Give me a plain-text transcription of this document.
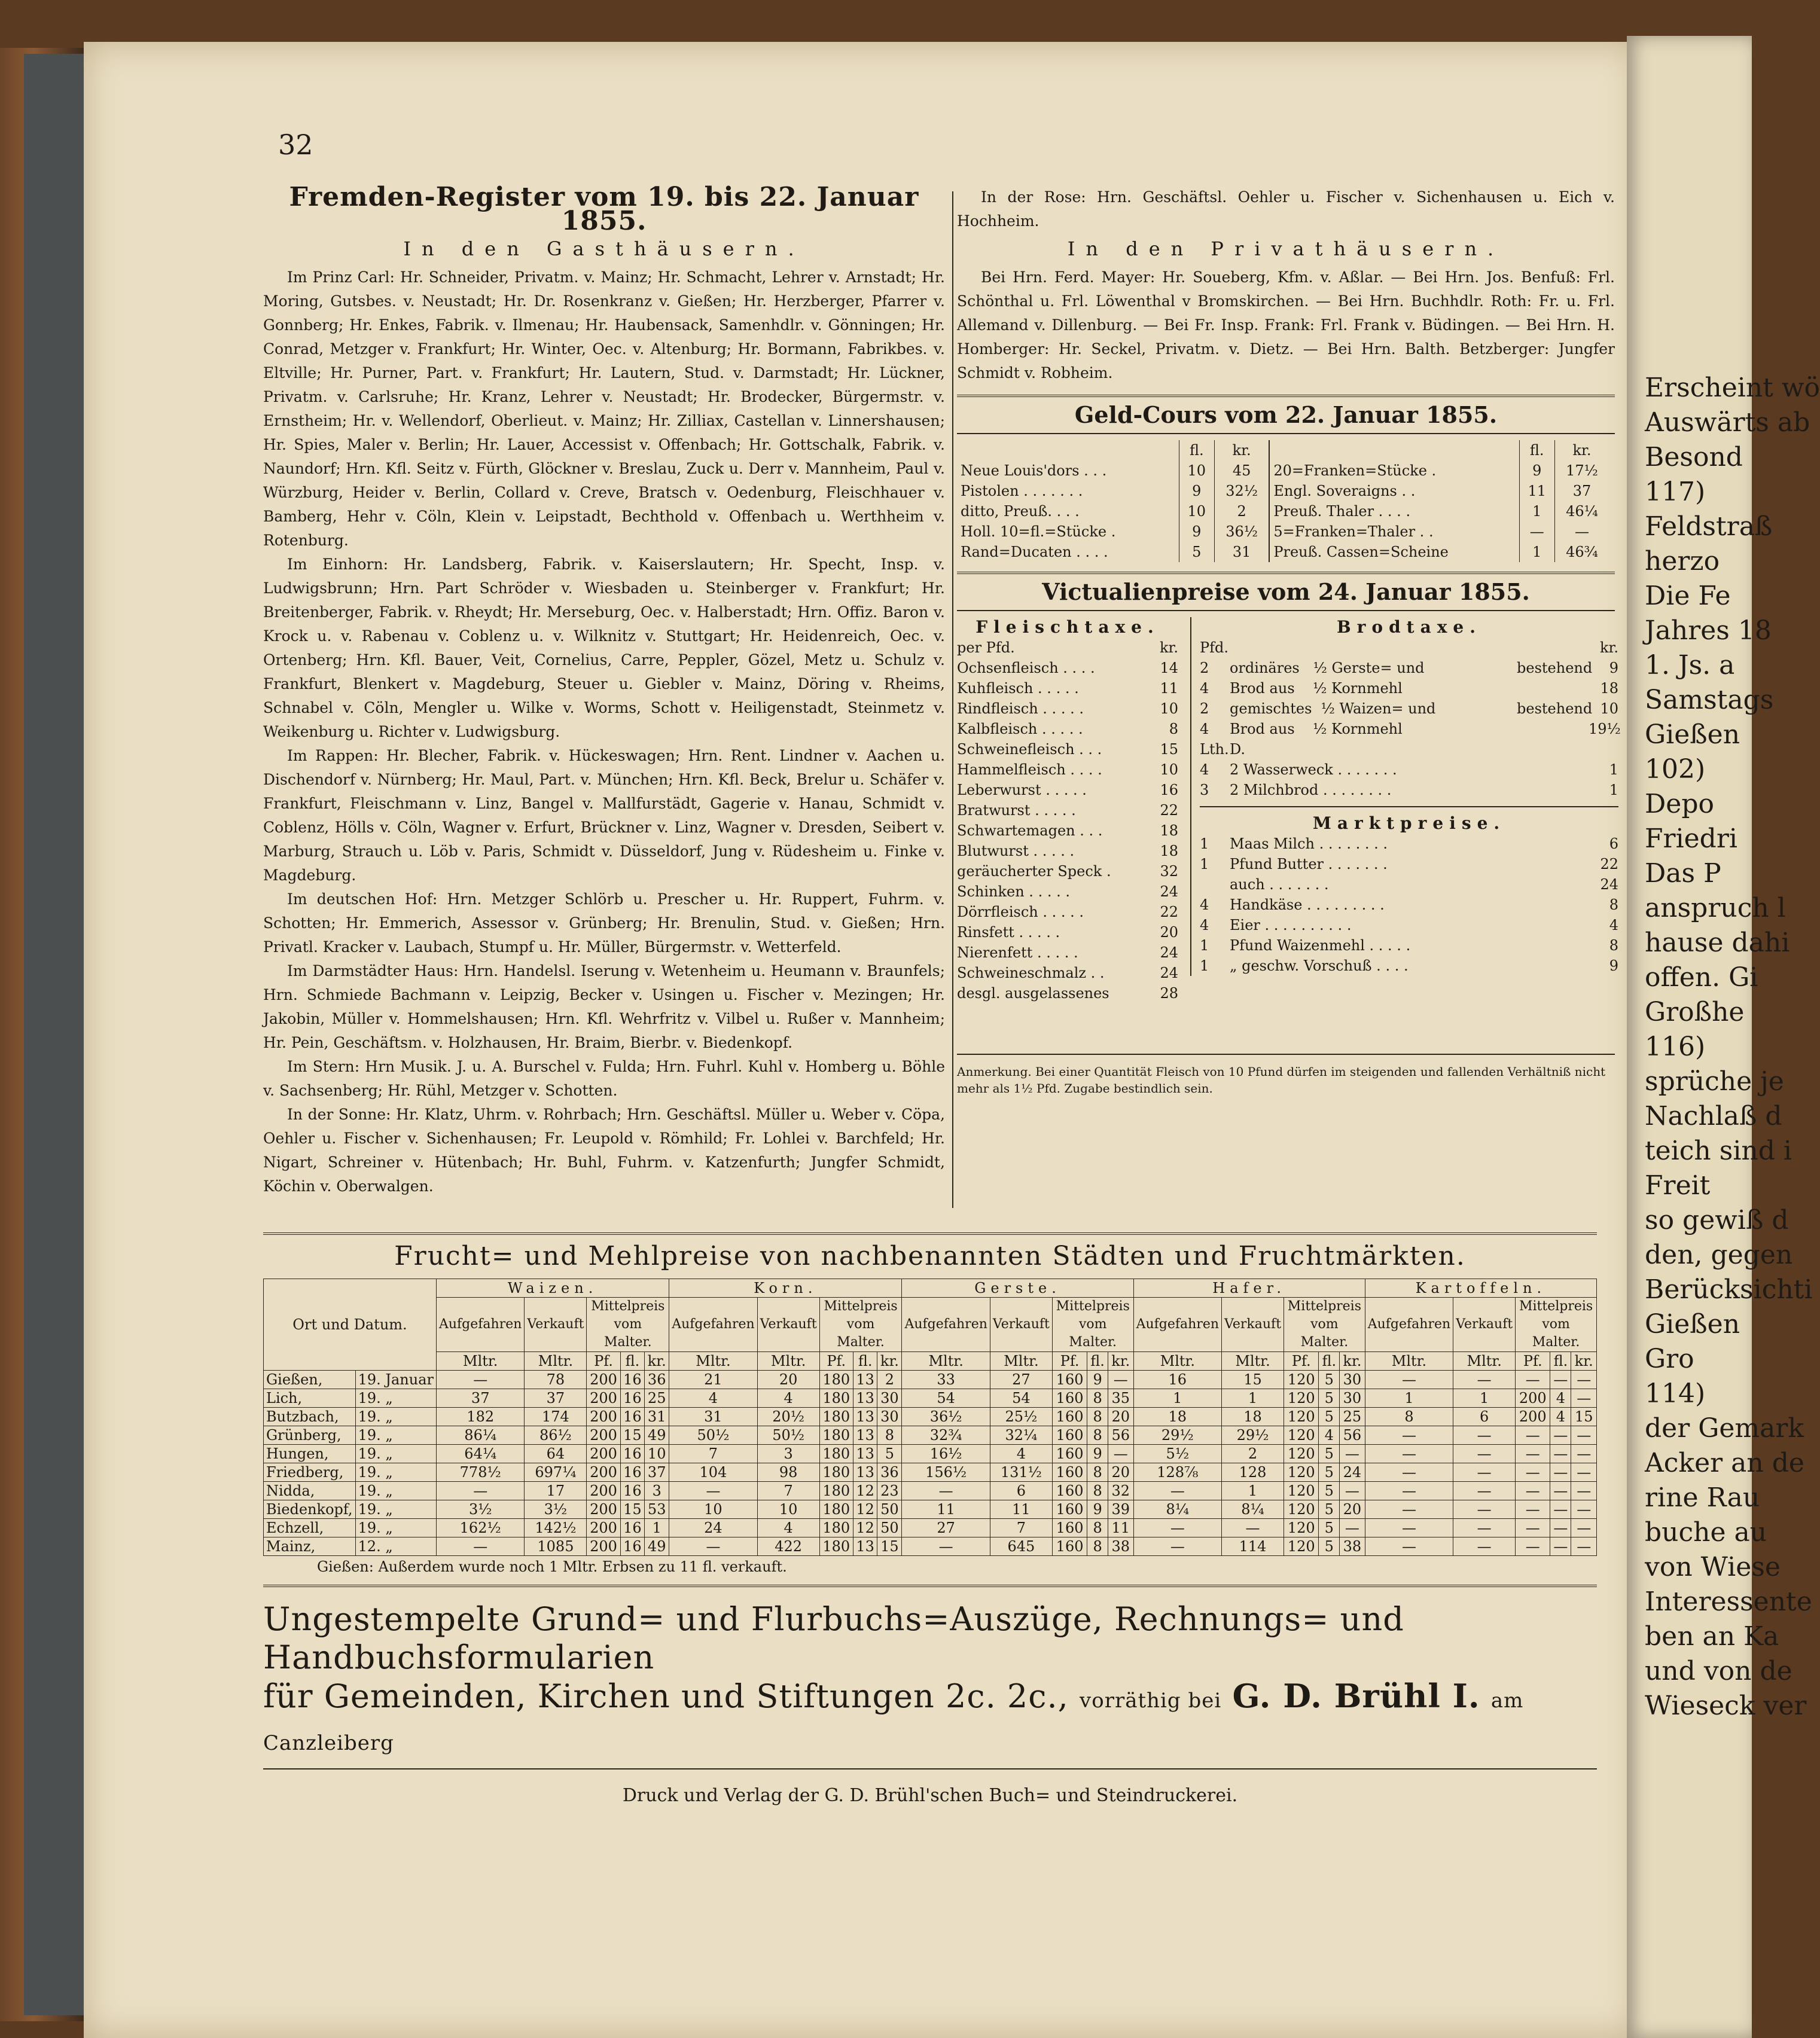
32
Fremden-Register vom 19. bis 22. Januar 1855.
In den Gasthäusern.

Im Prinz Carl: Hr. Schneider, Privatm. v. Mainz; Hr. Schmacht, Lehrer v. Arnstadt; Hr. Moring, Gutsbes. v. Neustadt; Hr. Dr. Rosenkranz v. Gießen; Hr. Herzberger, Pfarrer v. Gonnberg; Hr. Enkes, Fabrik. v. Ilmenau; Hr. Haubensack, Samenhdlr. v. Gönningen; Hr. Conrad, Metzger v. Frankfurt; Hr. Winter, Oec. v. Altenburg; Hr. Bormann, Fabrikbes. v. Eltville; Hr. Purner, Part. v. Frankfurt; Hr. Lautern, Stud. v. Darmstadt; Hr. Lückner, Privatm. v. Carlsruhe; Hr. Kranz, Lehrer v. Neustadt; Hr. Brodecker, Bürgermstr. v. Ernstheim; Hr. v. Wellendorf, Oberlieut. v. Mainz; Hr. Zilliax, Castellan v. Linnershausen; Hr. Spies, Maler v. Berlin; Hr. Lauer, Accessist v. Offenbach; Hr. Gottschalk, Fabrik. v. Naundorf; Hrn. Kfl. Seitz v. Fürth, Glöckner v. Breslau, Zuck u. Derr v. Mannheim, Paul v. Würzburg, Heider v. Berlin, Collard v. Creve, Bratsch v. Oedenburg, Fleischhauer v. Bamberg, Hehr v. Cöln, Klein v. Leipstadt, Bechthold v. Offenbach u. Werthheim v. Rotenburg.

Im Einhorn: Hr. Landsberg, Fabrik. v. Kaiserslautern; Hr. Specht, Insp. v. Ludwigsbrunn; Hrn. Part Schröder v. Wiesbaden u. Steinberger v. Frankfurt; Hr. Breitenberger, Fabrik. v. Rheydt; Hr. Merseburg, Oec. v. Halberstadt; Hrn. Offiz. Baron v. Krock u. v. Rabenau v. Coblenz u. v. Wilknitz v. Stuttgart; Hr. Heidenreich, Oec. v. Ortenberg; Hrn. Kfl. Bauer, Veit, Cornelius, Carre, Peppler, Gözel, Metz u. Schulz v. Frankfurt, Blenkert v. Magdeburg, Steuer u. Giebler v. Mainz, Döring v. Rheims, Schnabel v. Cöln, Mengler u. Wilke v. Worms, Schott v. Heiligenstadt, Steinmetz v. Weikenburg u. Richter v. Ludwigsburg.

Im Rappen: Hr. Blecher, Fabrik. v. Hückeswagen; Hrn. Rent. Lindner v. Aachen u. Dischendorf v. Nürnberg; Hr. Maul, Part. v. München; Hrn. Kfl. Beck, Brelur u. Schäfer v. Frankfurt, Fleischmann v. Linz, Bangel v. Mallfurstädt, Gagerie v. Hanau, Schmidt v. Coblenz, Hölls v. Cöln, Wagner v. Erfurt, Brückner v. Linz, Wagner v. Dresden, Seibert v. Marburg, Strauch u. Löb v. Paris, Schmidt v. Düsseldorf, Jung v. Rüdesheim u. Finke v. Magdeburg.

Im deutschen Hof: Hrn. Metzger Schlörb u. Prescher u. Hr. Ruppert, Fuhrm. v. Schotten; Hr. Emmerich, Assessor v. Grünberg; Hr. Brenulin, Stud. v. Gießen; Hrn. Privatl. Kracker v. Laubach, Stumpf u. Hr. Müller, Bürgermstr. v. Wetterfeld.

Im Darmstädter Haus: Hrn. Handelsl. Iserung v. Wetenheim u. Heumann v. Braunfels; Hrn. Schmiede Bachmann v. Leipzig, Becker v. Usingen u. Fischer v. Mezingen; Hr. Jakobin, Müller v. Hommelshausen; Hrn. Kfl. Wehrfritz v. Vilbel u. Rußer v. Mannheim; Hr. Pein, Geschäftsm. v. Holzhausen, Hr. Braim, Bierbr. v. Biedenkopf.

Im Stern: Hrn Musik. J. u. A. Burschel v. Fulda; Hrn. Fuhrl. Kuhl v. Homberg u. Böhle v. Sachsenberg; Hr. Rühl, Metzger v. Schotten.

In der Sonne: Hr. Klatz, Uhrm. v. Rohrbach; Hrn. Geschäftsl. Müller u. Weber v. Cöpa, Oehler u. Fischer v. Sichenhausen; Fr. Leupold v. Römhild; Fr. Lohlei v. Barchfeld; Hr. Nigart, Schreiner v. Hütenbach; Hr. Buhl, Fuhrm. v. Katzenfurth; Jungfer Schmidt, Köchin v. Oberwalgen.

In der Rose: Hrn. Geschäftsl. Oehler u. Fischer v. Sichenhausen u. Eich v. Hochheim.

In den Privathäusern.

Bei Hrn. Ferd. Mayer: Hr. Soueberg, Kfm. v. Aßlar. — Bei Hrn. Jos. Benfuß: Frl. Schönthal u. Frl. Löwenthal v Bromskirchen. — Bei Hrn. Buchhdlr. Roth: Fr. u. Frl. Allemand v. Dillenburg. — Bei Fr. Insp. Frank: Frl. Frank v. Büdingen. — Bei Hrn. H. Homberger: Hr. Seckel, Privatm. v. Dietz. — Bei Hrn. Balth. Betzberger: Jungfer Schmidt v. Robheim.

Geld-Cours vom 22. Januar 1855.
	fl.	kr.		fl.	kr.
Neue Louis'dors . . .	10	45	20=Franken=Stücke .	9	17½
Pistolen . . . . . . .	9	32½	Engl. Soveraigns . .	11	37
ditto, Preuß. . . .	10	2	Preuß. Thaler . . . .	1	46¼
Holl. 10=fl.=Stücke .	9	36½	5=Franken=Thaler . .	—	—
Rand=Ducaten . . . .	5	31	Preuß. Cassen=Scheine	1	46¾
Victualienpreise vom 24. Januar 1855.
Fleischtaxe.
per Pfd.	kr.
Ochsenfleisch . . . .	14
Kuhfleisch . . . . .	11
Rindfleisch . . . . .	10
Kalbfleisch . . . . .	8
Schweinefleisch . . .	15
Hammelfleisch . . . .	10
Leberwurst . . . . .	16
Bratwurst . . . . .	22
Schwartemagen . . .	18
Blutwurst . . . . .	18
geräucherter Speck .	32
Schinken . . . . .	24
Dörrfleisch . . . . .	22
Rinsfett . . . . .	20
Nierenfett . . . . .	24
Schweineschmalz . .	24
desgl. ausgelassenes	28
Brodtaxe.
Pfd.	kr.
2	ordinäres   ½ Gerste= und	bestehend	9
4	Brod aus    ½ Kornmehl	18
2	gemischtes  ½ Waizen= und	bestehend 10
4	Brod aus    ½ Kornmehl	19½
Lth. D.
4	2 Wasserweck . . . . . . .	1
3	2 Milchbrod . . . . . . . .	1
Marktpreise.
1	Maas Milch . . . . . . . .	6
1	Pfund Butter . . . . . . .	22
auch . . . . . . .	24
4	Handkäse . . . . . . . . .	8
4	Eier . . . . . . . . . .	4
1	Pfund Waizenmehl . . . . .	8
1	„ geschw. Vorschuß . . . .	9
Anmerkung. Bei einer Quantität Fleisch von 10 Pfund dürfen im steigenden und fallenden Verhältniß nicht mehr als 1½ Pfd. Zugabe bestindlich sein.
Frucht= und Mehlpreise von nachbenannten Städten und Fruchtmärkten.
Ort und Datum.		Waizen.					Korn.					Gerste.					Hafer.					Kartoffeln.				
		Aufgefahren	Verkauft	Mittelpreis vom Malter.			Aufgefahren	Verkauft	Mittelpreis vom Malter.			Aufgefahren	Verkauft	Mittelpreis vom Malter.			Aufgefahren	Verkauft	Mittelpreis vom Malter.			Aufgefahren	Verkauft	Mittelpreis vom Malter.		
		Mltr.	Mltr.	Pf.	fl.	kr.	Mltr.	Mltr.	Pf.	fl.	kr.	Mltr.	Mltr.	Pf.	fl.	kr.	Mltr.	Mltr.	Pf.	fl.	kr.	Mltr.	Mltr.	Pf.	fl.	kr.
Gießen,	19. Januar	—	78	200	16	36	21	20	180	13	2	33	27	160	9	—	16	15	120	5	30	—	—	—	—	—
Lich,	19. „	37	37	200	16	25	4	4	180	13	30	54	54	160	8	35	1	1	120	5	30	1	1	200	4	—
Butzbach,	19. „	182	174	200	16	31	31	20½	180	13	30	36½	25½	160	8	20	18	18	120	5	25	8	6	200	4	15
Grünberg,	19. „	86¼	86½	200	15	49	50½	50½	180	13	8	32¾	32¼	160	8	56	29½	29½	120	4	56	—	—	—	—	—
Hungen,	19. „	64¼	64	200	16	10	7	3	180	13	5	16½	4	160	9	—	5½	2	120	5	—	—	—	—	—	—
Friedberg,	19. „	778½	697¼	200	16	37	104	98	180	13	36	156½	131½	160	8	20	128⅞	128	120	5	24	—	—	—	—	—
Nidda,	19. „	—	17	200	16	3	—	7	180	12	23	—	6	160	8	32	—	1	120	5	—	—	—	—	—	—
Biedenkopf,	19. „	3½	3½	200	15	53	10	10	180	12	50	11	11	160	9	39	8¼	8¼	120	5	20	—	—	—	—	—
Echzell,	19. „	162½	142½	200	16	1	24	4	180	12	50	27	7	160	8	11	—	—	120	5	—	—	—	—	—	—
Mainz,	12. „	—	1085	200	16	49	—	422	180	13	15	—	645	160	8	38	—	114	120	5	38	—	—	—	—	—
Gießen: Außerdem wurde noch 1 Mltr. Erbsen zu 11 fl. verkauft.
Ungestempelte Grund= und Flurbuchs=Auszüge, Rechnungs= und Handbuchsformularien
für Gemeinden, Kirchen und Stiftungen 2c. 2c., vorräthig bei G. D. Brühl I. am Canzleiberg
Druck und Verlag der G. D. Brühl'schen Buch= und Steindruckerei.
Erscheint wö
Auswärts ab
Besond
117)
Feldstraß
herzo
Die Fe
Jahres 18
1. Js. a
Samstags
Gießen
102)
Depo
Friedri
Das P
anspruch l
hause dahi
offen. Gi
Großhe
116)
sprüche je
Nachlaß d
teich sind i
Freit
so gewiß d
den, gegen
Berücksichti
Gießen
Gro
114)
der Gemark
Acker an de
rine Rau
buche au
von Wiese
Interessente
ben an Ka
und von de
Wieseck ver
